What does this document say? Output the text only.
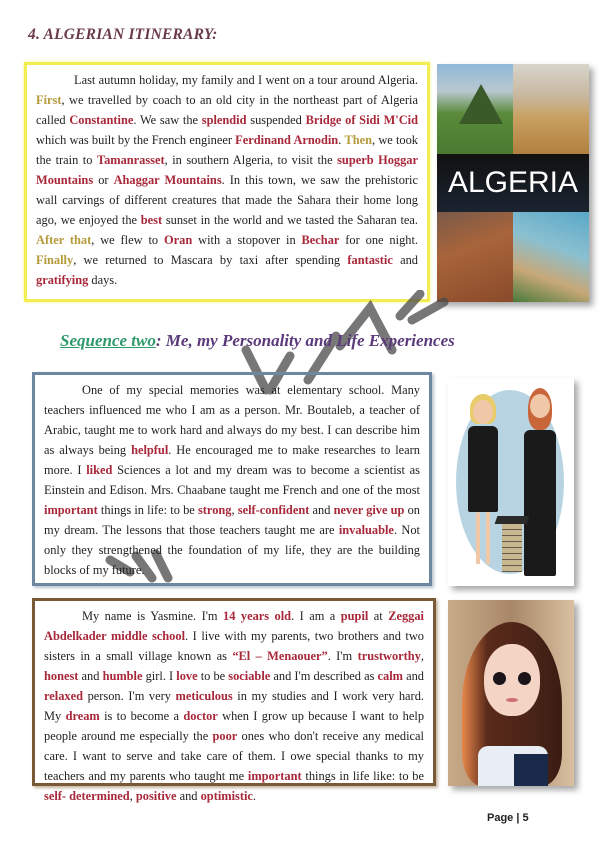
4. ALGERIAN ITINERARY:

Last autumn holiday, my family and I went on a tour around Algeria. First, we travelled by coach to an old city in the northeast part of Algeria called Constantine. We saw the splendid suspended Bridge of Sidi M'Cid which was built by the French engineer Ferdinand Arnodin. Then, we took the train to Tamanrasset, in southern Algeria, to visit the superb Hoggar Mountains or Ahaggar Mountains. In this town, we saw the prehistoric wall carvings of different creatures that made the Sahara their home long ago, we enjoyed the best sunset in the world and we tasted the Saharan tea. After that, we flew to Oran with a stopover in Bechar for one night. Finally, we returned to Mascara by taxi after spending fantastic and gratifying days.

ALGERIA
Sequence two: Me, my Personality and Life Experiences

One of my special memories was at elementary school. Many teachers influenced me who I am as a person. Mr. Boutaleb, a teacher of Arabic, taught me to work hard and always do my best. I can describe him as always being helpful. He encouraged me to make researches to learn more. I liked Sciences a lot and my dream was to become a scientist as Einstein and Edison. Mrs. Chaabane taught me French and one of the most important things in life: to be strong, self-confident and never give up on my dream. The lessons that those teachers taught me are invaluable. Not only they strengthened the foundation of my life, they are the building blocks of my future.

My name is Yasmine. I'm 14 years old. I am a pupil at Zeggai Abdelkader middle school. I live with my parents, two brothers and two sisters in a small village known as “El – Menaouer”. I'm trustworthy, honest and humble girl. I love to be sociable and I'm described as calm and relaxed person. I'm very meticulous in my studies and I work very hard. My dream is to become a doctor when I grow up because I want to help people around me especially the poor ones who don't receive any medical care. I want to serve and take care of them. I owe special thanks to my teachers and my parents who taught me important things in life like: to be self- determined, positive and optimistic.

Page | 5
